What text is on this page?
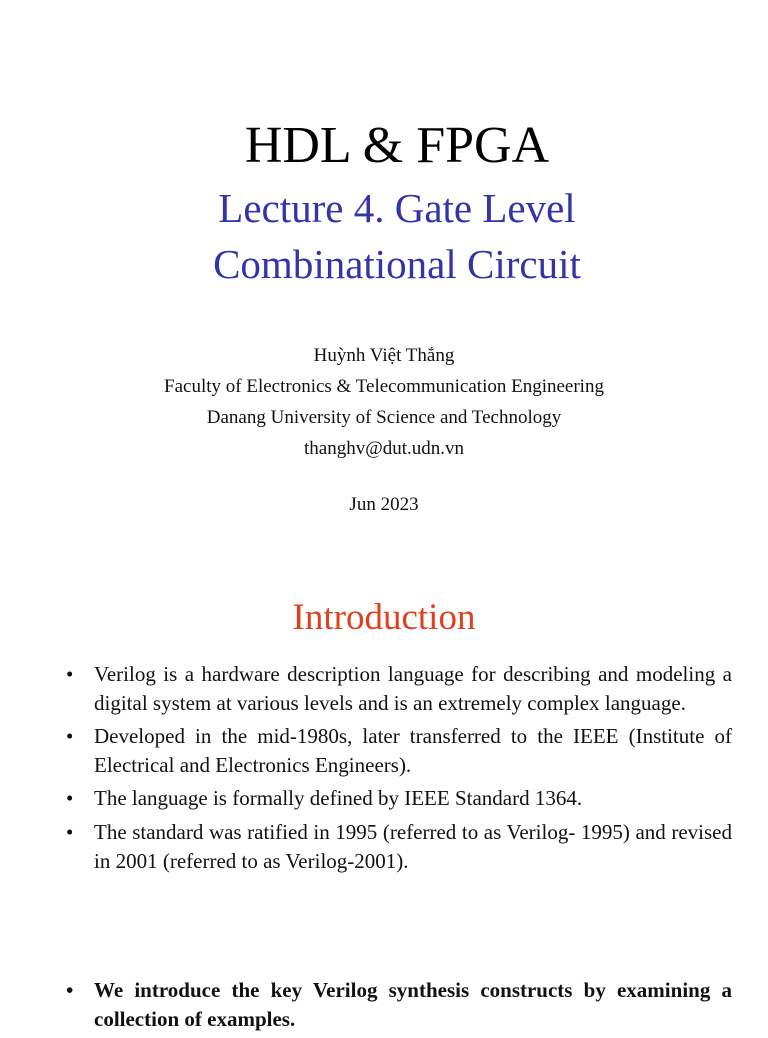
HDL & FPGA
Lecture 4. Gate Level
Combinational Circuit
Huỳnh Việt Thắng
Faculty of Electronics & Telecommunication Engineering
Danang University of Science and Technology
thanghv@dut.udn.vn
Jun 2023
Introduction
• Verilog is a hardware description language for describing and modeling a digital system at various levels and is an extremely complex language.
• Developed in the mid-1980s, later transferred to the IEEE (Institute of Electrical and Electronics Engineers).
• The language is formally defined by IEEE Standard 1364.
• The standard was ratified in 1995 (referred to as Verilog- 1995) and revised in 2001 (referred to as Verilog-2001).
• We introduce the key Verilog synthesis constructs by examining a collection of examples.
